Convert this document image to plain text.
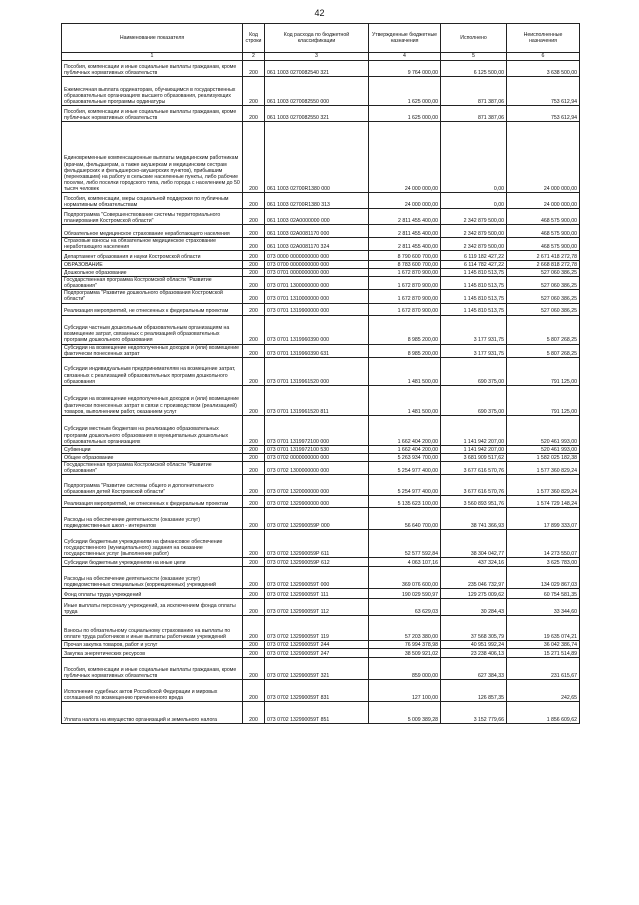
42
Наименование показателя	Код строки	Код расхода по бюджетной классификации	Утвержденные бюджетные назначения	Исполнено	Неисполненные назначения
1	2	3	4	5	6
Пособия, компенсации и иные социальные выплаты гражданам, кроме публичных нормативных обязательств	200	061 1003 0270082540 321	9 764 000,00	6 125 500,00	3 638 500,00
Ежемесячная выплата ординаторам, обучающимся в государственных образовательных организациях высшего образования, реализующих образовательные программы ординатуры	200	061 1003 0270082550 000	1 625 000,00	871 387,06	753 612,94
Пособия, компенсации и иные социальные выплаты гражданам, кроме публичных нормативных обязательств	200	061 1003 0270082550 321	1 625 000,00	871 387,06	753 612,94
Единовременные компенсационные выплаты медицинским работникам (врачам, фельдшерам, а также акушеркам и медицинским сестрам фельдшерских и фельдшерско-акушерских пунктов), прибывшим (переехавшим) на работу в сельские населенные пункты, либо рабочие поселки, либо поселки городского типа, либо города с населением до 50 тысяч человек	200	061 1003 02700R1380 000	24 000 000,00	0,00	24 000 000,00
Пособия, компенсации, меры социальной поддержки по публичным нормативным обязательствам	200	061 1003 02700R1380 313	24 000 000,00	0,00	24 000 000,00
Подпрограмма "Совершенствование системы территориального планирования Костромской области"	200	061 1003 02A0000000 000	2 811 455 400,00	2 342 879 500,00	468 575 900,00
Обязательное медицинское страхование неработающего населения	200	061 1003 02A0081170 000	2 811 455 400,00	2 342 879 500,00	468 575 900,00
Страховые взносы на обязательное медицинское страхование неработающего населения	200	061 1003 02A0081170 324	2 811 455 400,00	2 342 879 500,00	468 575 900,00
Департамент образования и науки Костромской области	200	073 0000 0000000000 000	8 790 600 700,00	6 119 182 427,22	2 671 418 272,78
ОБРАЗОВАНИЕ	200	073 0700 0000000000 000	8 783 600 700,00	6 114 782 427,22	2 668 818 272,78
Дошкольное образование	200	073 0701 0000000000 000	1 672 870 900,00	1 145 810 513,75	527 060 386,25
Государственная программа Костромской области "Развитие образования"	200	073 0701 1300000000 000	1 672 870 900,00	1 145 810 513,75	527 060 386,25
Подпрограмма "Развитие дошкольного образования Костромской области"	200	073 0701 1310000000 000	1 672 870 900,00	1 145 810 513,75	527 060 386,25
Реализация мероприятий, не отнесенных к федеральным проектам	200	073 0701 1319900000 000	1 672 870 900,00	1 145 810 513,75	527 060 386,25
Субсидии частным дошкольным образовательным организациям на возмещение затрат, связанных с реализацией образовательных программ дошкольного образования	200	073 0701 1319960390 000	8 985 200,00	3 177 931,75	5 807 268,25
Субсидии на возмещение недополученных доходов и (или) возмещение фактически понесенных затрат	200	073 0701 1319960390 631	8 985 200,00	3 177 931,75	5 807 268,25
Субсидии индивидуальным предпринимателям на возмещение затрат, связанных с реализацией образовательных программ дошкольного образования	200	073 0701 1319961520 000	1 481 500,00	690 375,00	791 125,00
Субсидии на возмещение недополученных доходов и (или) возмещение фактически понесенных затрат в связи с производством (реализацией) товаров, выполнением работ, оказанием услуг	200	073 0701 1319961520 811	1 481 500,00	690 375,00	791 125,00
Субсидии местным бюджетам на реализацию образовательных программ дошкольного образования в муниципальных дошкольных образовательных организациях	200	073 0701 1319972100 000	1 662 404 200,00	1 141 942 207,00	520 461 993,00
Субвенции	200	073 0701 1319972100 530	1 662 404 200,00	1 141 942 207,00	520 461 993,00
Общее образование	200	073 0702 0000000000 000	5 263 934 700,00	3 681 909 517,62	1 582 025 182,38
Государственная программа Костромской области "Развитие образования"	200	073 0702 1300000000 000	5 254 977 400,00	3 677 616 570,76	1 577 360 829,24
Подпрограмма "Развитие системы общего и дополнительного образования детей Костромской области"	200	073 0702 1320000000 000	5 254 977 400,00	3 677 616 570,76	1 577 360 829,24
Реализация мероприятий, не отнесенных к федеральным проектам	200	073 0702 1329900000 000	5 135 623 100,00	3 560 893 951,76	1 574 729 148,24
Расходы на обеспечение деятельности (оказание услуг) подведомственных школ - интернатов	200	073 0702 132990059Р 000	56 640 700,00	38 741 366,93	17 899 333,07
Субсидии бюджетным учреждениям на финансовое обеспечение государственного (муниципального) задания на оказание государственных услуг (выполнение работ)	200	073 0702 132990059Р 611	52 577 592,84	38 304 042,77	14 273 550,07
Субсидии бюджетным учреждениям на иные цели	200	073 0702 132990059Р 612	4 063 107,16	437 324,16	3 625 783,00
Расходы на обеспечение деятельности (оказание услуг) подведомственных специальных (коррекционных) учреждений	200	073 0702 132990059Т 000	369 076 600,00	235 046 732,97	134 029 867,03
Фонд оплаты труда учреждений	200	073 0702 132990059Т 111	190 029 590,97	129 275 009,62	60 754 581,35
Иные выплаты персоналу учреждений, за исключением фонда оплаты труда	200	073 0702 132990059Т 112	63 629,03	30 284,43	33 344,60
Взносы по обязательному социальному страхованию на выплаты по оплате труда работников и иные выплаты работникам учреждений	200	073 0702 132990059Т 119	57 203 380,00	37 568 305,79	19 635 074,21
Прочая закупка товаров, работ и услуг	200	073 0702 132990059Т 244	76 994 378,98	40 951 992,24	36 042 386,74
Закупка энергетических ресурсов	200	073 0702 132990059Т 247	38 509 921,02	23 238 406,13	15 271 514,89
Пособия, компенсации и иные социальные выплаты гражданам, кроме публичных нормативных обязательств	200	073 0702 132990059Т 321	859 000,00	627 384,33	231 615,67
Исполнение судебных актов Российской Федерации и мировых соглашений по возмещению причиненного вреда	200	073 0702 132990059Т 831	127 100,00	126 857,35	242,65
Уплата налога на имущество организаций и земельного налога	200	073 0702 132990059Т 851	5 009 389,28	3 152 779,66	1 856 609,62
